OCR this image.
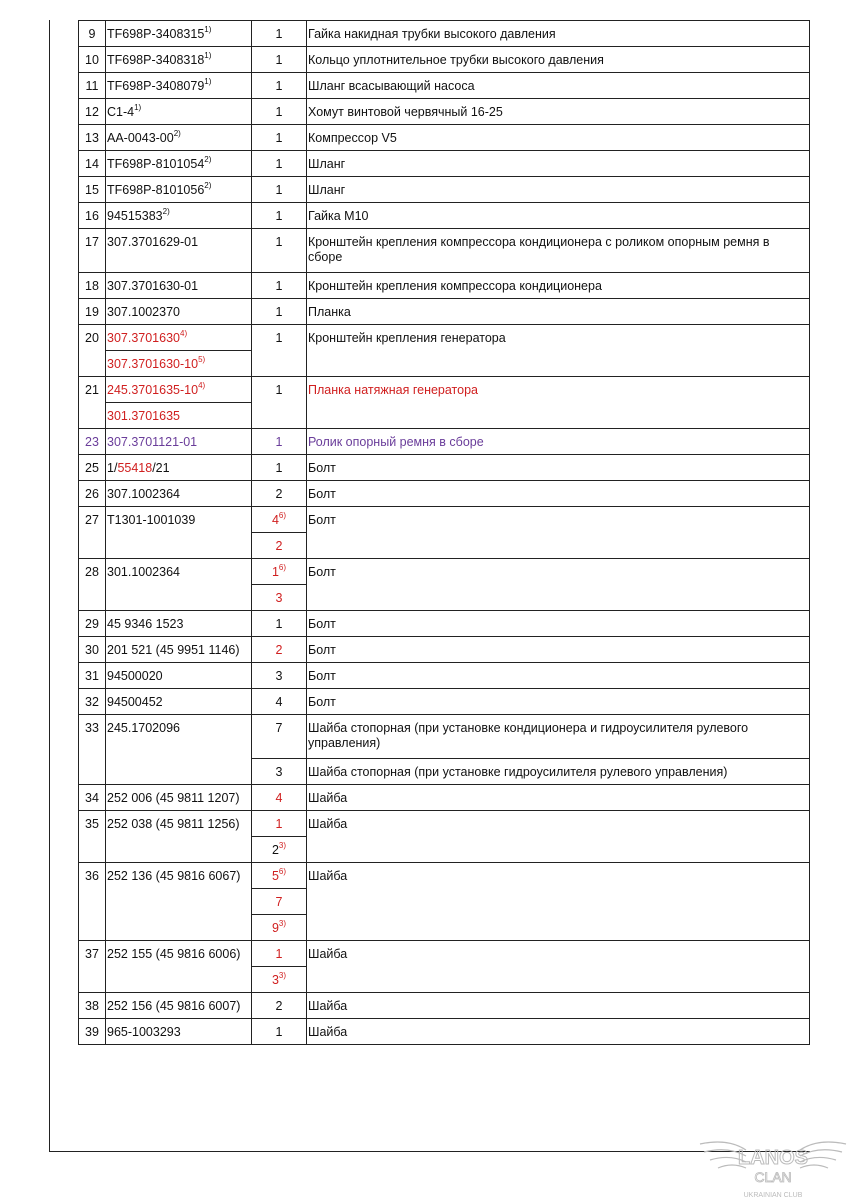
9	TF698P-3408315$^{1)}$	1	Гайка накидная трубки высокого давления
10	TF698P-3408318$^{1)}$	1	Кольцо уплотнительное трубки высокого давления
11	TF698P-3408079$^{1)}$	1	Шланг всасывающий насоса
12	C1-4$^{1)}$	1	Хомут винтовой червячный 16-25
13	AA-0043-00$^{2)}$	1	Компрессор V5
14	TF698P-8101054$^{2)}$	1	Шланг
15	TF698P-8101056$^{2)}$	1	Шланг
16	94515383$^{2)}$	1	Гайка М10
17	307.3701629-01	1	Кронштейн крепления компрессора кондиционера с роликом опорным ремня в сборе
18	307.3701630-01	1	Кронштейн крепления компрессора кондиционера
19	307.1002370	1	Планка
20	307.3701630$^{4)}$	1	Кронштейн крепления генератора
	307.3701630-10$^{5)}$
21	245.3701635-10$^{4)}$	1	Планка натяжная генератора
	301.3701635		
23	307.3701121-01	1	Ролик опорный ремня в сборе
25	1/55418/21	1	Болт
26	307.1002364	2	Болт
27	T1301-1001039	4$^{6)}$	Болт
		2	
28	301.1002364	1$^{6)}$	Болт
		3	
29	45 9346 1523	1	Болт
30	201 521 (45 9951 1146)	2	Болт
31	94500020	3	Болт
32	94500452	4	Болт
33	245.1702096	7	Шайба стопорная (при установке кондиционера и гидроусилителя рулевого управления)
		3	Шайба стопорная (при установке гидроусилителя рулевого управления)
34	252 006 (45 9811 1207)	4	Шайба
35	252 038 (45 9811 1256)	1	Шайба
		2$^{3)}$
36	252 136 (45 9816 6067)	5$^{6)}$	Шайба
		7	
		9$^{3)}$
37	252 155 (45 9816 6006)	1	Шайба
		3$^{3)}$
38	252 156 (45 9816 6007)	2	Шайба
39	965-1003293	1	Шайба
LANOS
CLAN
UKRAINIAN CLUB
